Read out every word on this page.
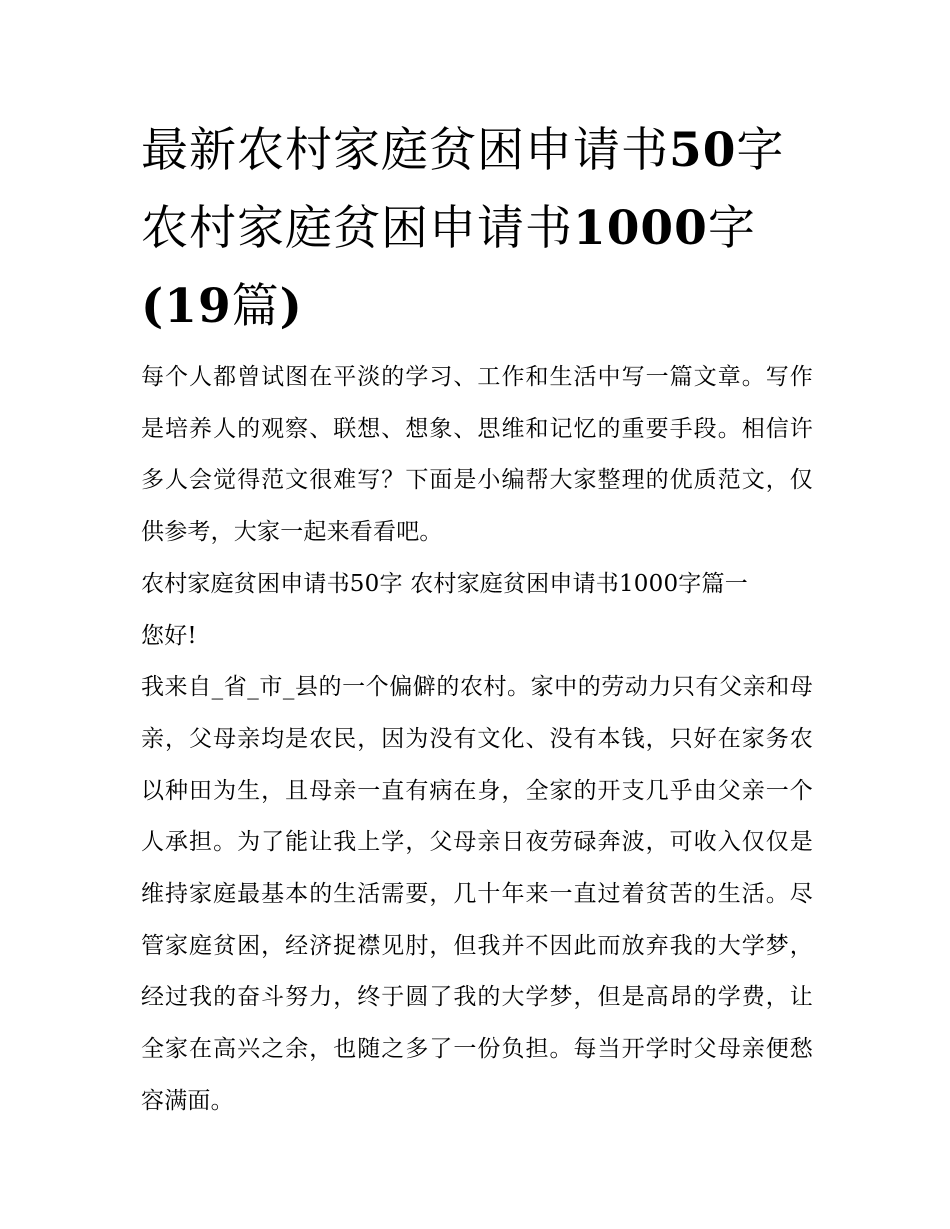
最新农村家庭贫困申请书50字农村家庭贫困申请书1000字(19篇)

每个人都曾试图在平淡的学习、工作和生活中写一篇文章。写作是培养人的观察、联想、想象、思维和记忆的重要手段。相信许多人会觉得范文很难写？下面是小编帮大家整理的优质范文，仅供参考，大家一起来看看吧。

农村家庭贫困申请书50字 农村家庭贫困申请书1000字篇一

您好!

我来自_省_市_县的一个偏僻的农村。家中的劳动力只有父亲和母亲，父母亲均是农民，因为没有文化、没有本钱，只好在家务农以种田为生，且母亲一直有病在身，全家的开支几乎由父亲一个人承担。为了能让我上学，父母亲日夜劳碌奔波，可收入仅仅是维持家庭最基本的生活需要，几十年来一直过着贫苦的生活。尽管家庭贫困，经济捉襟见肘，但我并不因此而放弃我的大学梦，经过我的奋斗努力，终于圆了我的大学梦，但是高昂的学费，让全家在高兴之余，也随之多了一份负担。每当开学时父母亲便愁容满面。
